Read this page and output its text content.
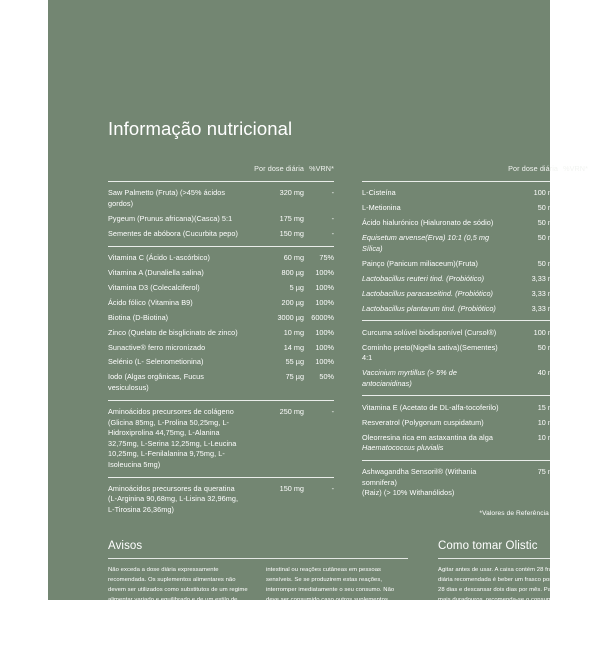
Informação nutricional
	Por dose diária	%VRN*

Saw Palmetto (Fruta) (>45% ácidos gordos)	320 mg	-
Pygeum (Prunus africana)(Casca) 5:1	175 mg	-
Sementes de abóbora (Cucurbita pepo)	150 mg	-

Vitamina C (Ácido L-ascórbico)	60 mg	75%
Vitamina A (Dunaliella salina)	800 µg	100%
Vitamina D3 (Colecalciferol)	5 µg	100%
Ácido fólico (Vitamina B9)	200 µg	100%
Biotina (D-Biotina)	3000 µg	6000%
Zinco (Quelato de bisglicinato de zinco)	10 mg	100%
Sunactive® ferro micronizado	14 mg	100%
Selénio (L- Selenometionina)	55 µg	100%
Iodo (Algas orgânicas, Fucus vesiculosus)	75 µg	50%

Aminoácidos precursores de colágeno
(Glicina 85mg, L-Prolina 50,25mg, L-Hidroxiprolina 44,75mg, L-Alanina 32,75mg, L-Serina 12,25mg, L-Leucina 10,25mg, L-Fenilalanina 9,75mg, L-Isoleucina 5mg)	250 mg	-

Aminoácidos precursores da queratina
(L-Arginina 90,68mg, L-Lisina 32,96mg, L-Tirosina 26,36mg)	150 mg	-
	Por dose diária	%VRN*

L-Cisteína	100 mg	-
L-Metionina	50 mg	-
Ácido hialurónico (Hialuronato de sódio)	50 mg	-
Equisetum arvense(Erva) 10:1 (0,5 mg Sílica)	50 mg	-
Painço (Panicum miliaceum)(Fruta)	50 mg	-
Lactobacillus reuteri tind. (Probiótico)	3,33 mg	-
Lactobacillus paracaseitind. (Probiótico)	3,33 mg	-
Lactobacillus plantarum tind. (Probiótico)	3,33 mg	-

Curcuma solúvel biodisponível (Cursol®)	100 mg	-
Cominho preto(Nigella sativa)(Sementes) 4:1	50 mg	-
Vaccinium myrtillus (> 5% de antocianidinas)	40 mg	-

Vitamina E (Acetato de DL-alfa-tocoferilo)	15 mg	125%
Resveratrol (Polygonum cuspidatum)	10 mg	-
Oleorresina rica em astaxantina da alga
Haematococcus pluvialis	10 mg	-

Ashwagandha Sensoril® (Withania somnifera)
(Raiz) (> 10% Withanólidos)	75 mg	-
*Valores de Referência do Nutriente
Avisos

Não exceda a dose diária expressamente recomendada. Os suplementos alimentares não devem ser utilizados como substitutos de um regime alimentar variado e equilibrado e de um estilo de vida saudável. Manter fora do alcance das crianças. Não deve ser consumido por crianças e adolescentes menores de 18 anos. Por se tratar de um produto com ingredientes de origem natural, numa percentagem muito limitada de casos pode causar desconforto

intestinal ou reações cutâneas em pessoas sensíveis. Se se produzirem estas reações, interromper imediatamente o seu consumo. Não deve ser consumido caso outros suplementos alimentares que contêm ésteres de astaxantina forem consumidos no mesmo dia. Consulte o seu médico ou farmacêutico se estiver em tratamento com medicamentos. Não se recomenda a sua utilização em pessoas submetidas a tratamentos anticoagulantes.

Como tomar Olistic

Agitar antes de usar. A caixa contém 28 frascos. A dose diária recomendada é beber um frasco por dia durante 28 dias e descansar dois dias por mês. Para resultados mais duradouros, recomenda-se o consumo regular. Recomenda-se tomar após o pequeno-almoço ou almoço. Conservar num local fresco e seco.
